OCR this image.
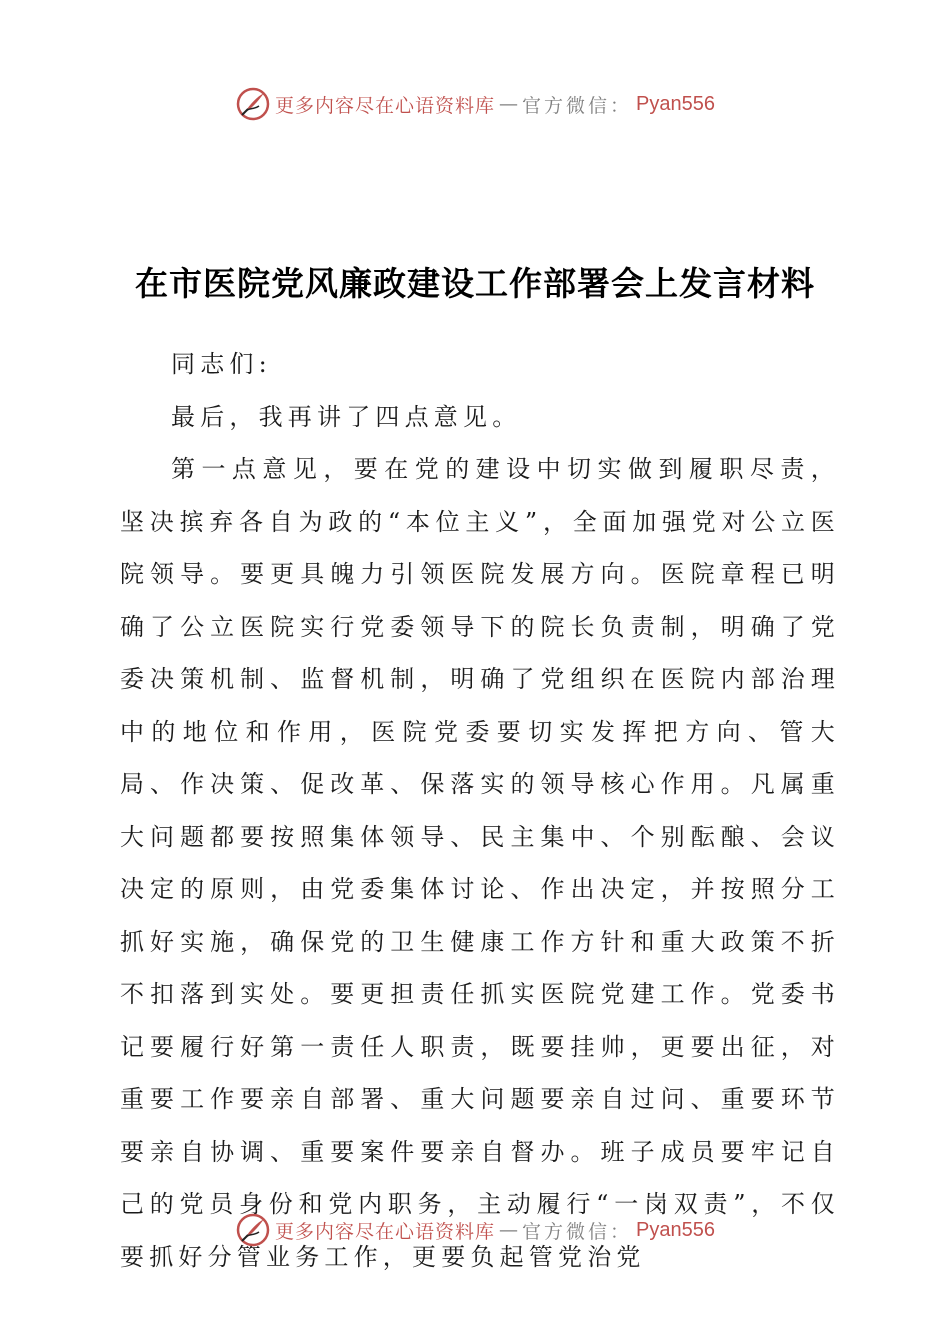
更多内容尽在心语资料库 — 官方微信： Pyan556
在市医院党风廉政建设工作部署会上发言材料

同志们:

最后，我再讲了四点意见。

第一点意见，要在党的建设中切实做到履职尽责，坚决摈弃各自为政的“本位主义”，全面加强党对公立医院领导。要更具魄力引领医院发展方向。医院章程已明确了公立医院实行党委领导下的院长负责制，明确了党委决策机制、监督机制，明确了党组织在医院内部治理中的地位和作用，医院党委要切实发挥把方向、管大局、作决策、促改革、保落实的领导核心作用。凡属重大问题都要按照集体领导、民主集中、个别酝酿、会议决定的原则，由党委集体讨论、作出决定，并按照分工抓好实施，确保党的卫生健康工作方针和重大政策不折不扣落到实处。要更担责任抓实医院党建工作。党委书记要履行好第一责任人职责，既要挂帅，更要出征，对重要工作要亲自部署、重大问题要亲自过问、重要环节要亲自协调、重要案件要亲自督办。班子成员要牢记自己的党员身份和党内职务，主动履行“一岗双责”，不仅要抓好分管业务工作，更要负起管党治党

更多内容尽在心语资料库 — 官方微信： Pyan556
